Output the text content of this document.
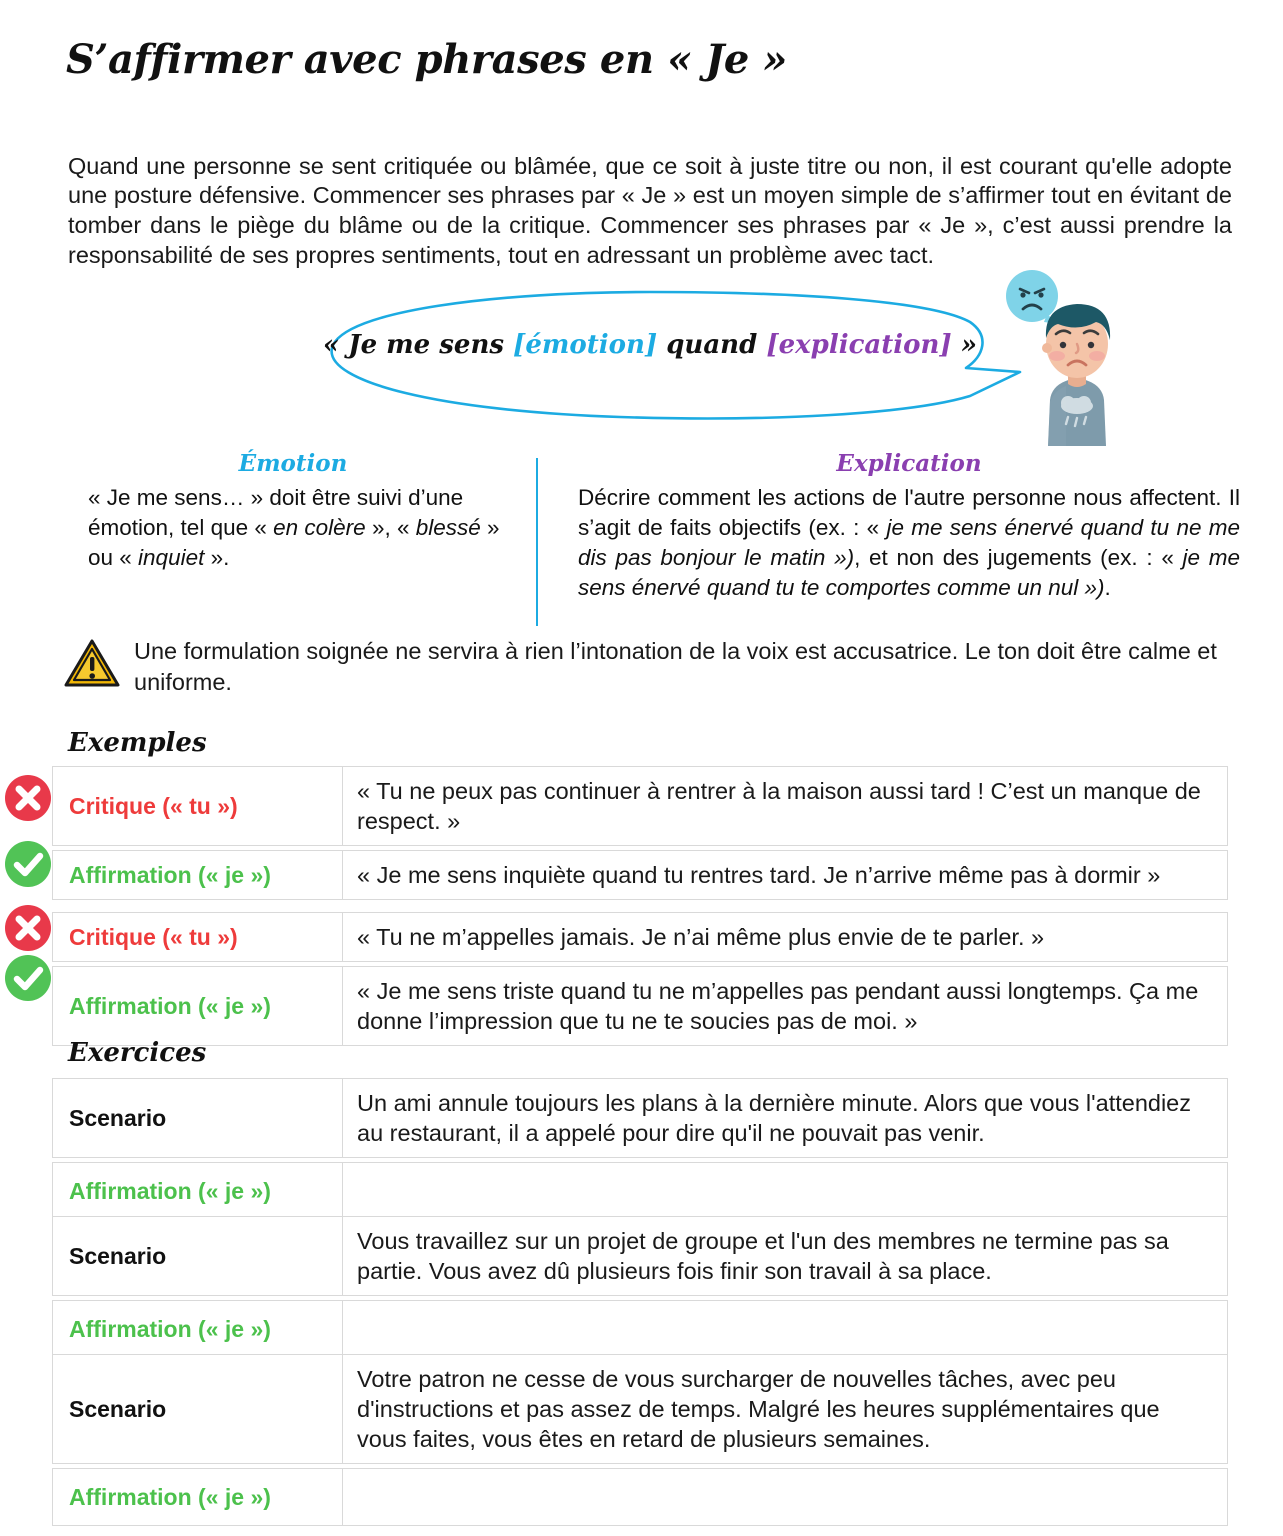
S’affirmer avec phrases en « Je »

Quand une personne se sent critiquée ou blâmée, que ce soit à juste titre ou non, il est courant qu'elle adopte une posture défensive. Commencer ses phrases par « Je » est un moyen simple de s’affirmer tout en évitant de tomber dans le piège du blâme ou de la critique. Commencer ses phrases par « Je », c’est aussi prendre la responsabilité de ses propres sentiments, tout en adressant un problème avec tact.

« Je me sens [émotion] quand [explication] »
Émotion
« Je me sens… » doit être suivi d’une émotion, tel que « en colère », « blessé » ou « inquiet ».
Explication
Décrire comment les actions de l'autre personne nous affectent. Il s’agit de faits objectifs (ex. : « je me sens énervé quand tu ne me dis pas bonjour le matin »), et non des jugements (ex. : « je me sens énervé quand tu te comportes comme un nul »).
Une formulation soignée ne servira à rien l’intonation de la voix est accusatrice. Le ton doit être calme et uniforme.
Exemples
Critique (« tu »)
« Tu ne peux pas continuer à rentrer à la maison aussi tard ! C’est un manque de respect. »
Affirmation (« je »)	« Je me sens inquiète quand tu rentres tard. Je n’arrive même pas à dormir »
Critique (« tu »)	« Tu ne m’appelles jamais. Je n’ai même plus envie de te parler. »
Affirmation (« je »)
« Je me sens triste quand tu ne m’appelles pas pendant aussi longtemps. Ça me donne l’impression que tu ne te soucies pas de moi. »
Exercices
Scenario
Un ami annule toujours les plans à la dernière minute. Alors que vous l'attendiez au restaurant, il a appelé pour dire qu'il ne pouvait pas venir.
Affirmation (« je »)
Scenario
Vous travaillez sur un projet de groupe et l'un des membres ne termine pas sa partie. Vous avez dû plusieurs fois finir son travail à sa place.
Affirmation (« je »)
Scenario
Votre patron ne cesse de vous surcharger de nouvelles tâches, avec peu d'instructions et pas assez de temps. Malgré les heures supplémentaires que vous faites, vous êtes en retard de plusieurs semaines.
Affirmation (« je »)
